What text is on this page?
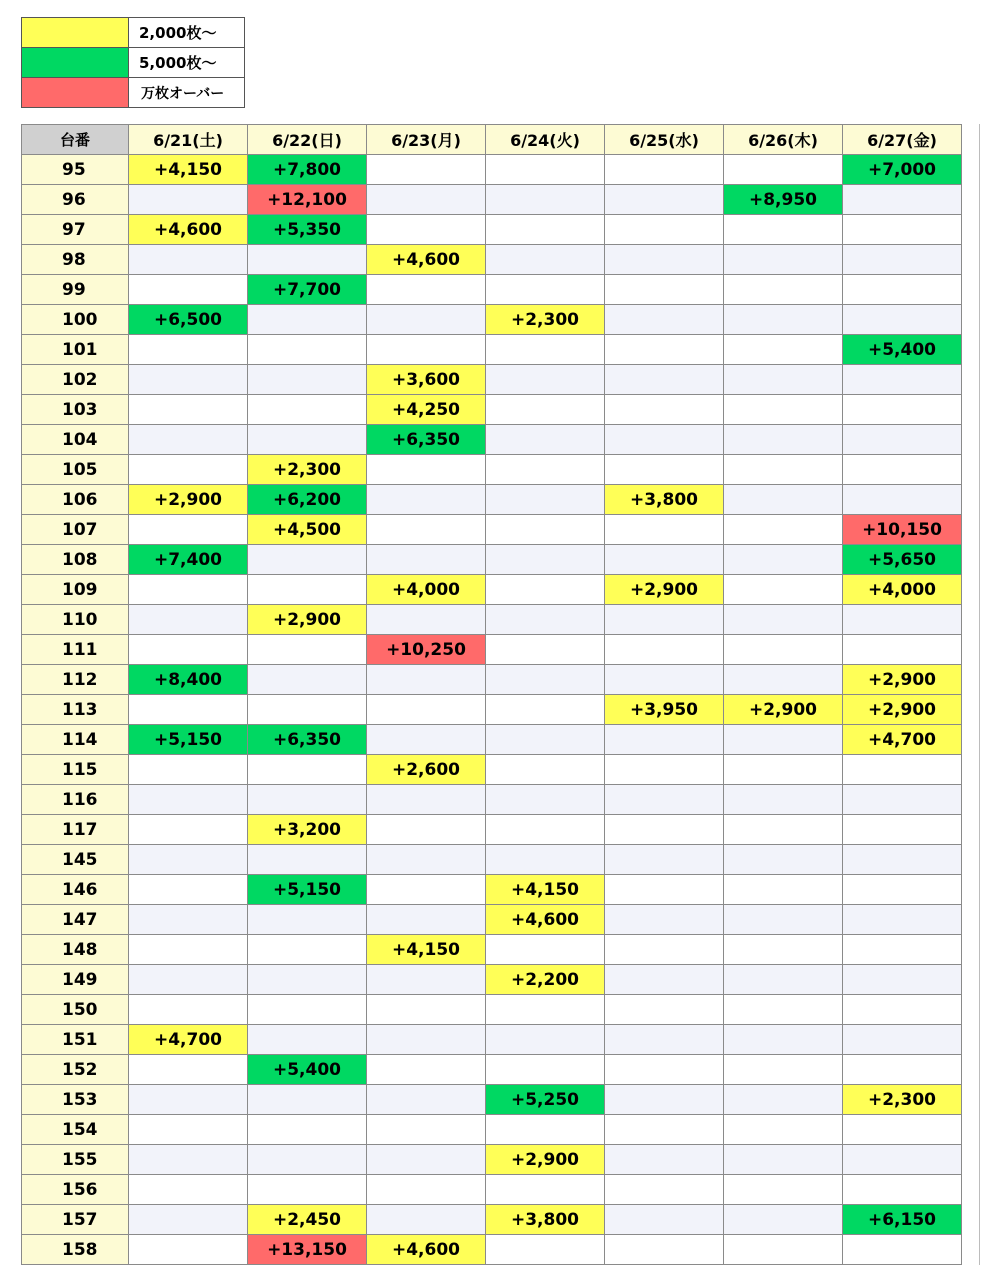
	2,000枚〜
	5,000枚〜
	万枚オーバー
台番	6/21(土)	6/22(日)	6/23(月)	6/24(火)	6/25(水)	6/26(木)	6/27(金)
95	+4,150	+7,800					+7,000
96		+12,100				+8,950	
97	+4,600	+5,350					
98			+4,600				
99		+7,700					
100	+6,500			+2,300			
101							+5,400
102			+3,600				
103			+4,250				
104			+6,350				
105		+2,300					
106	+2,900	+6,200			+3,800		
107		+4,500					+10,150
108	+7,400						+5,650
109			+4,000		+2,900		+4,000
110		+2,900					
111			+10,250				
112	+8,400						+2,900
113					+3,950	+2,900	+2,900
114	+5,150	+6,350					+4,700
115			+2,600				
116							
117		+3,200					
145							
146		+5,150		+4,150			
147				+4,600			
148			+4,150				
149				+2,200			
150							
151	+4,700						
152		+5,400					
153				+5,250			+2,300
154							
155				+2,900			
156							
157		+2,450		+3,800			+6,150
158		+13,150	+4,600				
